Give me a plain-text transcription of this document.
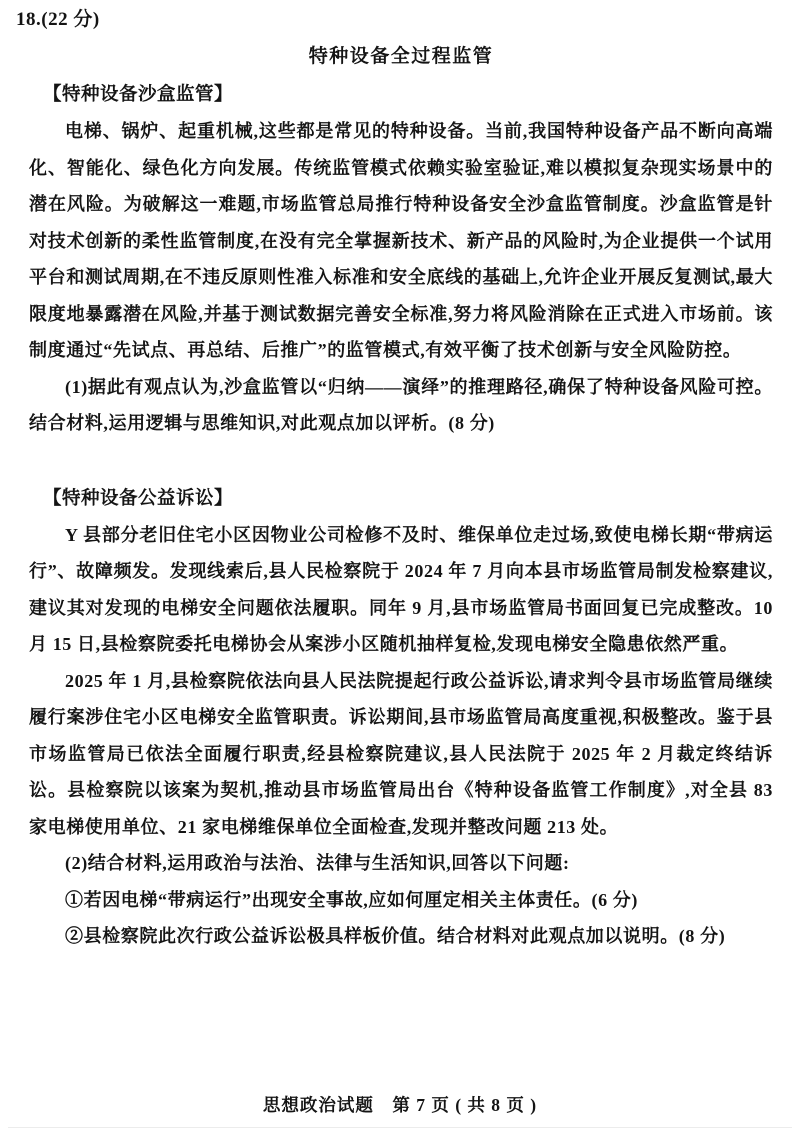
18.(22 分)
特种设备全过程监管
【特种设备沙盒监管】

电梯、锅炉、起重机械,这些都是常见的特种设备。当前,我国特种设备产品不断向高端化、智能化、绿色化方向发展。传统监管模式依赖实验室验证,难以模拟复杂现实场景中的潜在风险。为破解这一难题,市场监管总局推行特种设备安全沙盒监管制度。沙盒监管是针对技术创新的柔性监管制度,在没有完全掌握新技术、新产品的风险时,为企业提供一个试用平台和测试周期,在不违反原则性准入标准和安全底线的基础上,允许企业开展反复测试,最大限度地暴露潜在风险,并基于测试数据完善安全标准,努力将风险消除在正式进入市场前。该制度通过“先试点、再总结、后推广”的监管模式,有效平衡了技术创新与安全风险防控。

(1)据此有观点认为,沙盒监管以“归纳——演绎”的推理路径,确保了特种设备风险可控。结合材料,运用逻辑与思维知识,对此观点加以评析。(8 分)

【特种设备公益诉讼】

Y 县部分老旧住宅小区因物业公司检修不及时、维保单位走过场,致使电梯长期“带病运行”、故障频发。发现线索后,县人民检察院于 2024 年 7 月向本县市场监管局制发检察建议,建议其对发现的电梯安全问题依法履职。同年 9 月,县市场监管局书面回复已完成整改。10 月 15 日,县检察院委托电梯协会从案涉小区随机抽样复检,发现电梯安全隐患依然严重。

2025 年 1 月,县检察院依法向县人民法院提起行政公益诉讼,请求判令县市场监管局继续履行案涉住宅小区电梯安全监管职责。诉讼期间,县市场监管局高度重视,积极整改。鉴于县市场监管局已依法全面履行职责,经县检察院建议,县人民法院于 2025 年 2 月裁定终结诉讼。县检察院以该案为契机,推动县市场监管局出台《特种设备监管工作制度》,对全县 83 家电梯使用单位、21 家电梯维保单位全面检查,发现并整改问题 213 处。

(2)结合材料,运用政治与法治、法律与生活知识,回答以下问题:

①若因电梯“带病运行”出现安全事故,应如何厘定相关主体责任。(6 分)

②县检察院此次行政公益诉讼极具样板价值。结合材料对此观点加以说明。(8 分)

思想政治试题　第 7 页 ( 共 8 页 )
